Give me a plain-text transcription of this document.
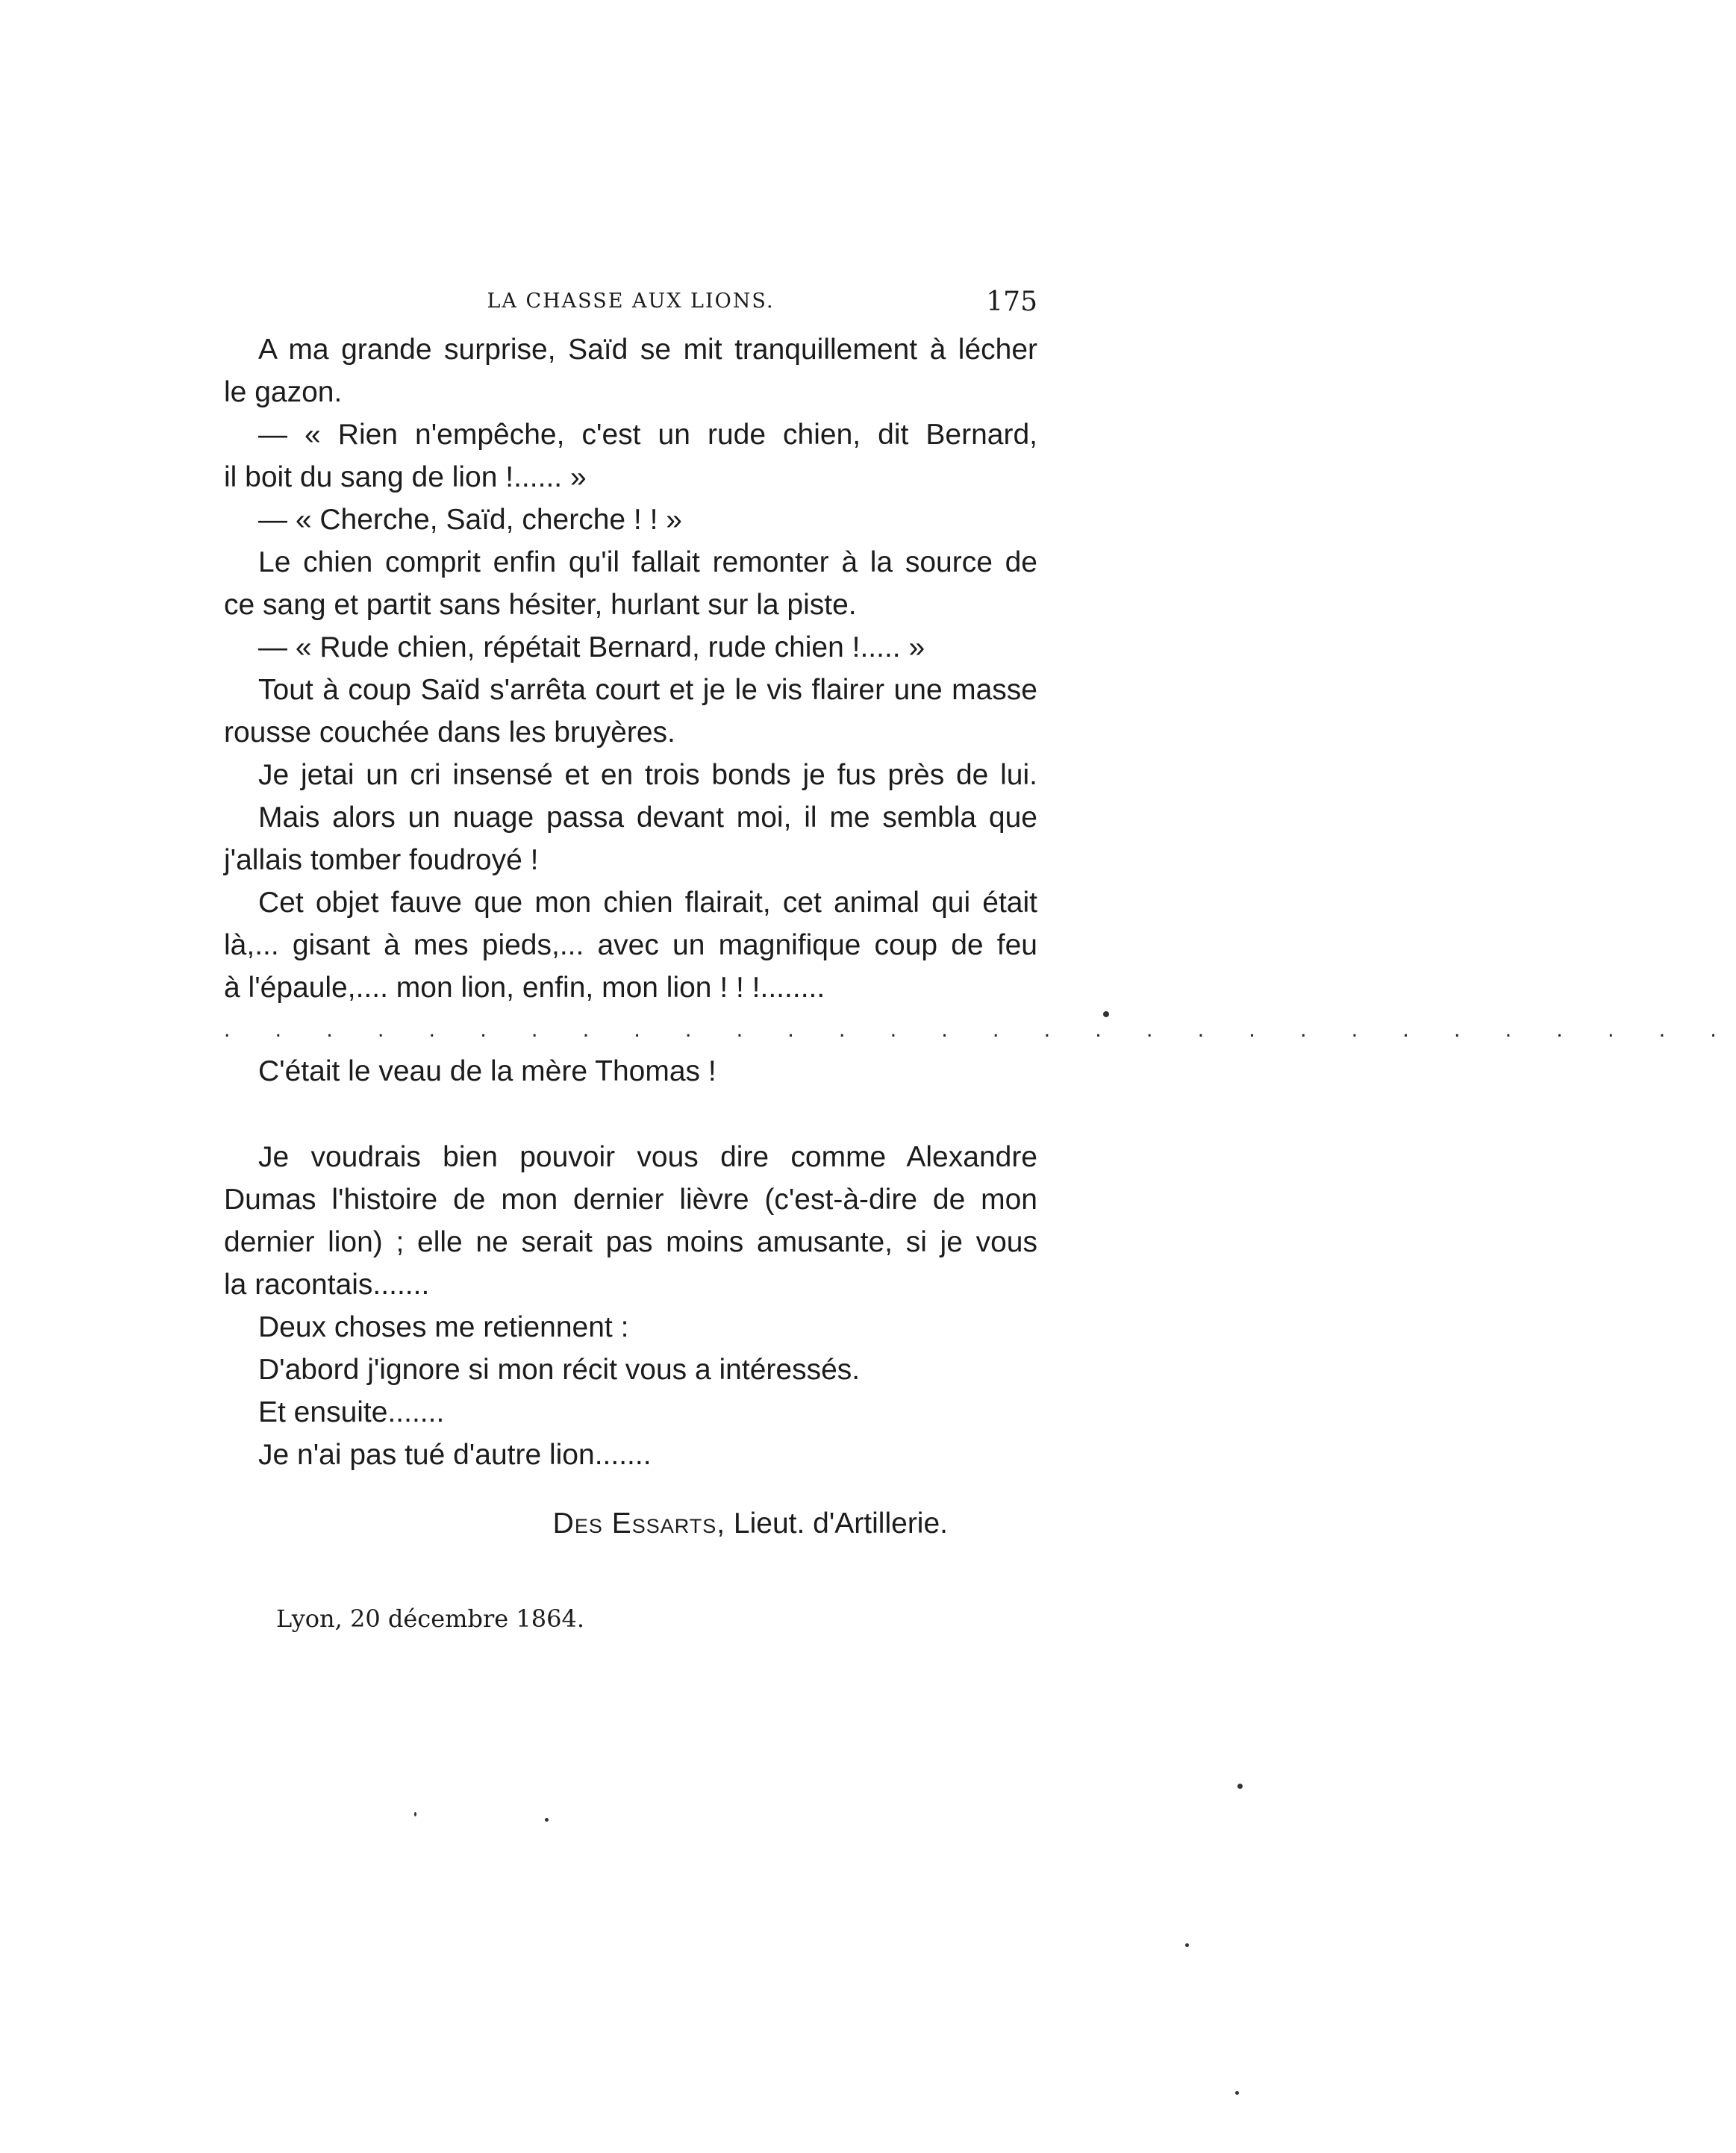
LA CHASSE AUX LIONS.	175
A ma grande surprise, Saïd se mit tranquillement à lécher
le gazon.
— « Rien n'empêche, c'est un rude chien, dit Bernard,
il boit du sang de lion !...... »
— « Cherche, Saïd, cherche ! ! »
Le chien comprit enfin qu'il fallait remonter à la source de
ce sang et partit sans hésiter, hurlant sur la piste.
— « Rude chien, répétait Bernard, rude chien !..... »
Tout à coup Saïd s'arrêta court et je le vis flairer une masse
rousse couchée dans les bruyères.
Je jetai un cri insensé et en trois bonds je fus près de lui.
Mais alors un nuage passa devant moi, il me sembla que
j'allais tomber foudroyé !
Cet objet fauve que mon chien flairait, cet animal qui était
là,... gisant à mes pieds,... avec un magnifique coup de feu
à l'épaule,.... mon lion, enfin, mon lion ! ! !........
. . . . . . . . . . . . . . . . . . . . . . . . . . . . . .
C'était le veau de la mère Thomas !
Je voudrais bien pouvoir vous dire comme Alexandre
Dumas l'histoire de mon dernier lièvre (c'est-à-dire de mon
dernier lion) ; elle ne serait pas moins amusante, si je vous
la racontais.......
Deux choses me retiennent :
D'abord j'ignore si mon récit vous a intéressés.
Et ensuite.......
Je n'ai pas tué d'autre lion.......
Des Essarts, Lieut. d'Artillerie.
Lyon, 20 décembre 1864.
